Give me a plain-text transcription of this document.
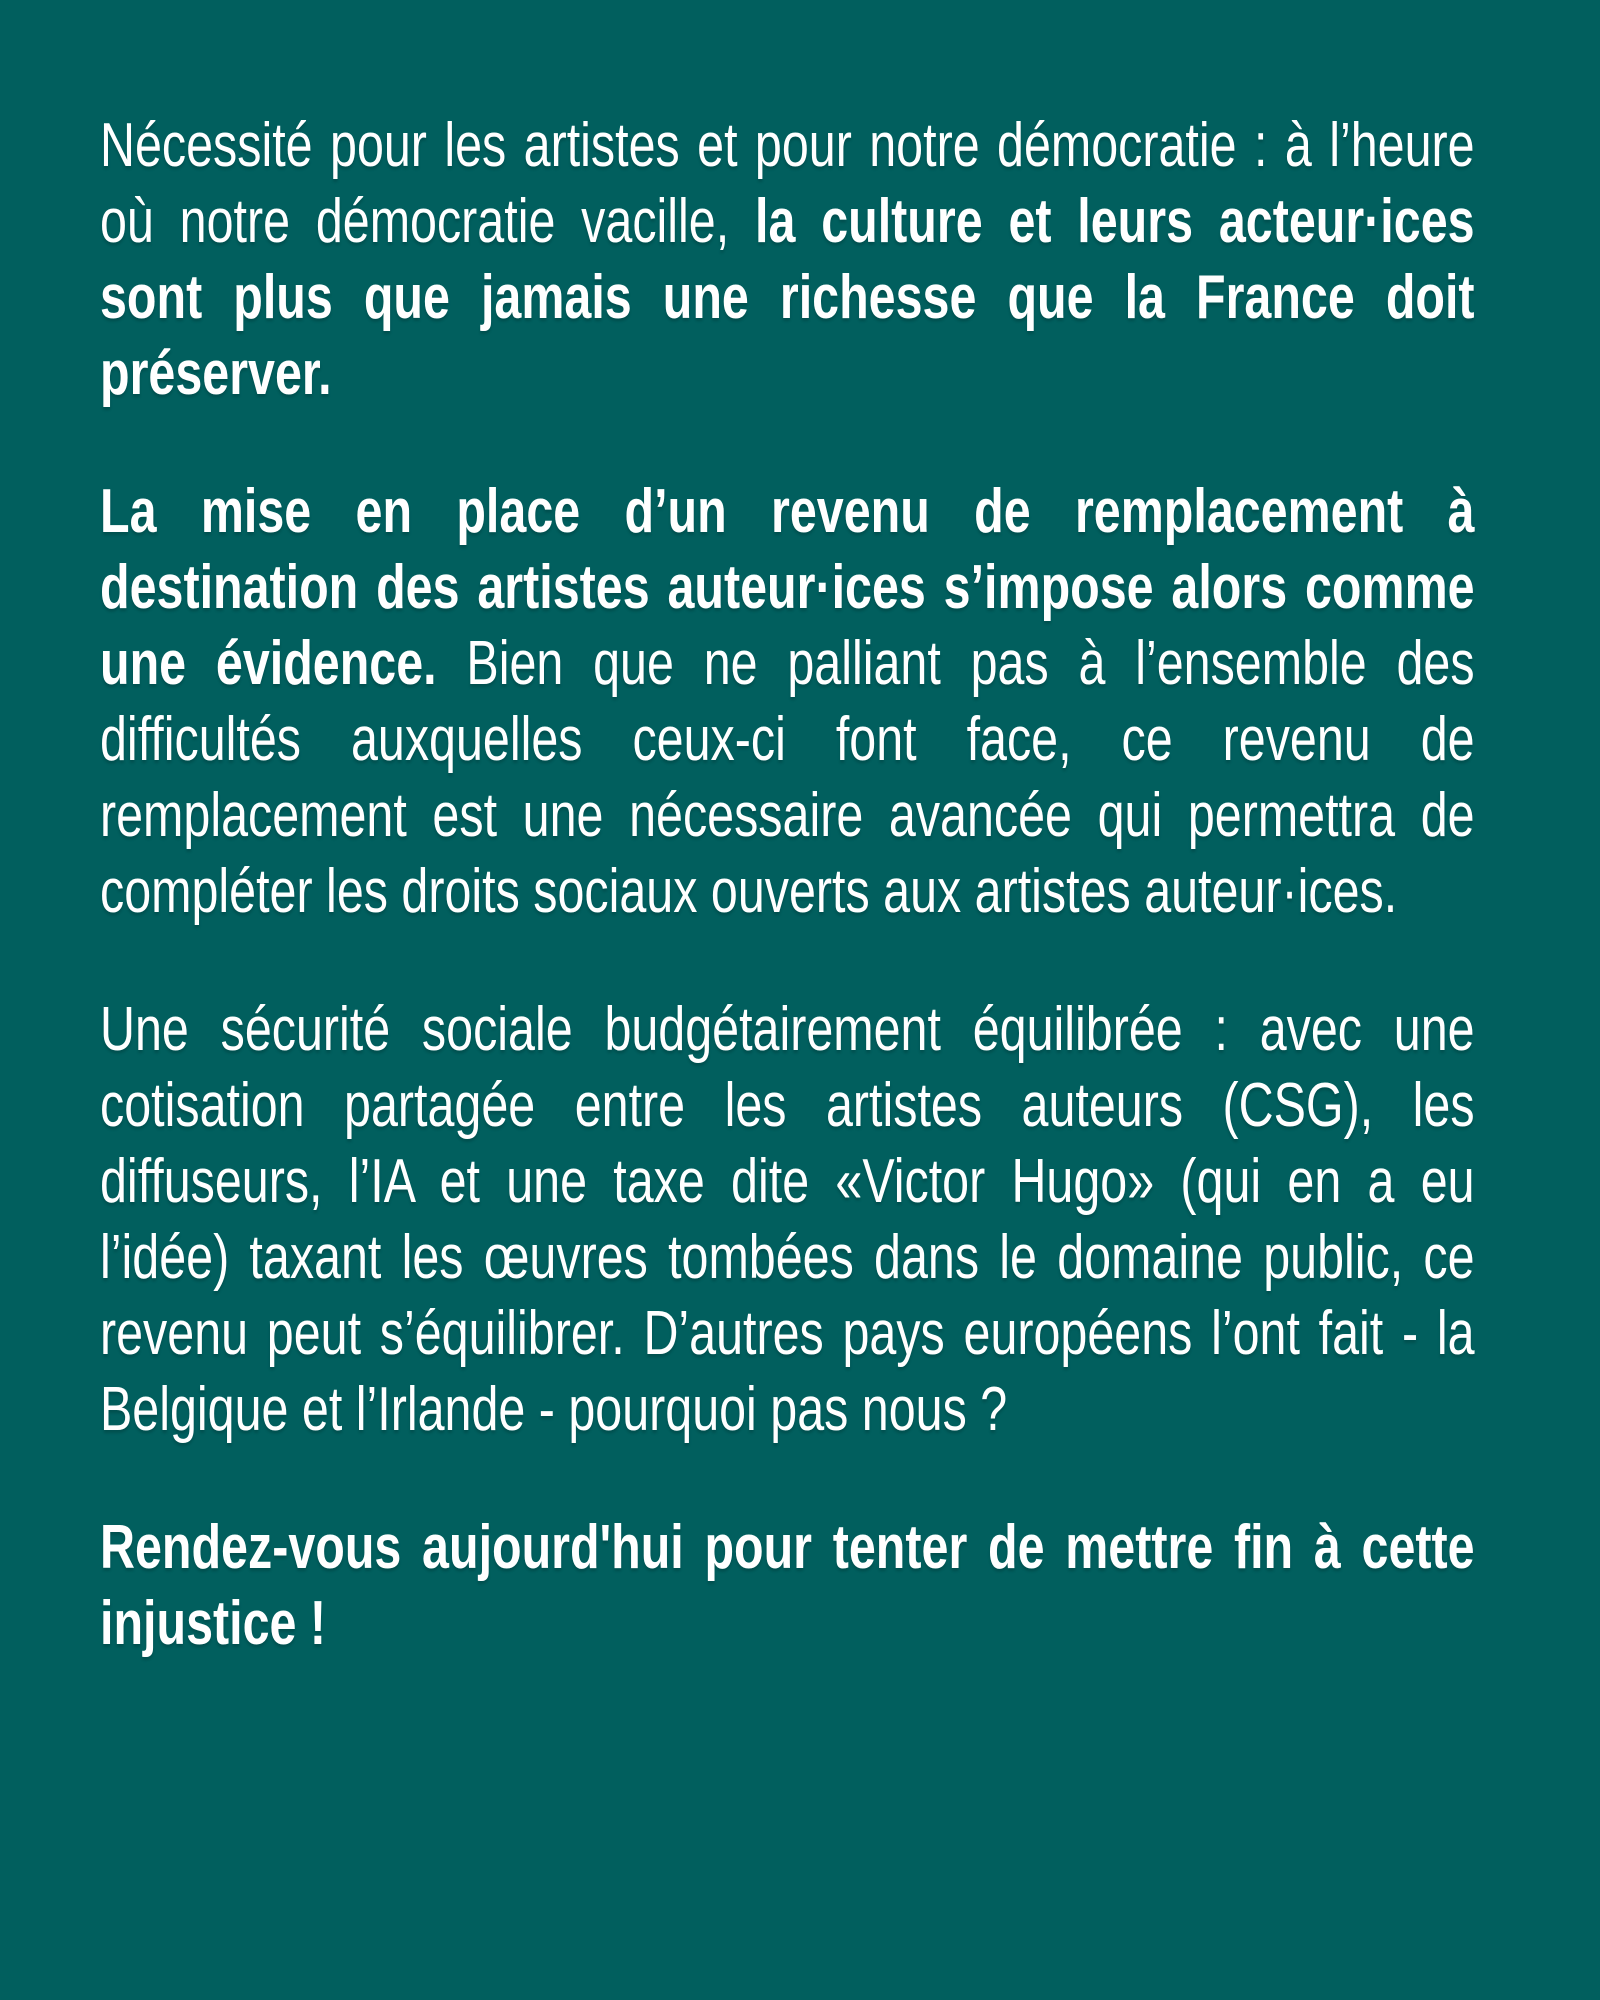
Nécessité pour les artistes et pour notre démocratie : à l’heure où notre démocratie vacille, la culture et leurs acteur·ices sont plus que jamais une richesse que la France doit préserver.

La mise en place d’un revenu de remplacement à destination des artistes auteur·ices s’impose alors comme une évidence. Bien que ne palliant pas à l’ensemble des difficultés auxquelles ceux-ci font face, ce revenu de remplacement est une nécessaire avancée qui permettra de compléter les droits sociaux ouverts aux artistes auteur·ices.

Une sécurité sociale budgétairement équilibrée : avec une cotisation partagée entre les artistes auteurs (CSG), les diffuseurs, l’IA et une taxe dite «Victor Hugo» (qui en a eu l’idée) taxant les œuvres tombées dans le domaine public, ce revenu peut s’équilibrer. D’autres pays européens l’ont fait - la Belgique et l’Irlande - pourquoi pas nous ?

Rendez-vous aujourd'hui pour tenter de mettre fin à cette injustice !
